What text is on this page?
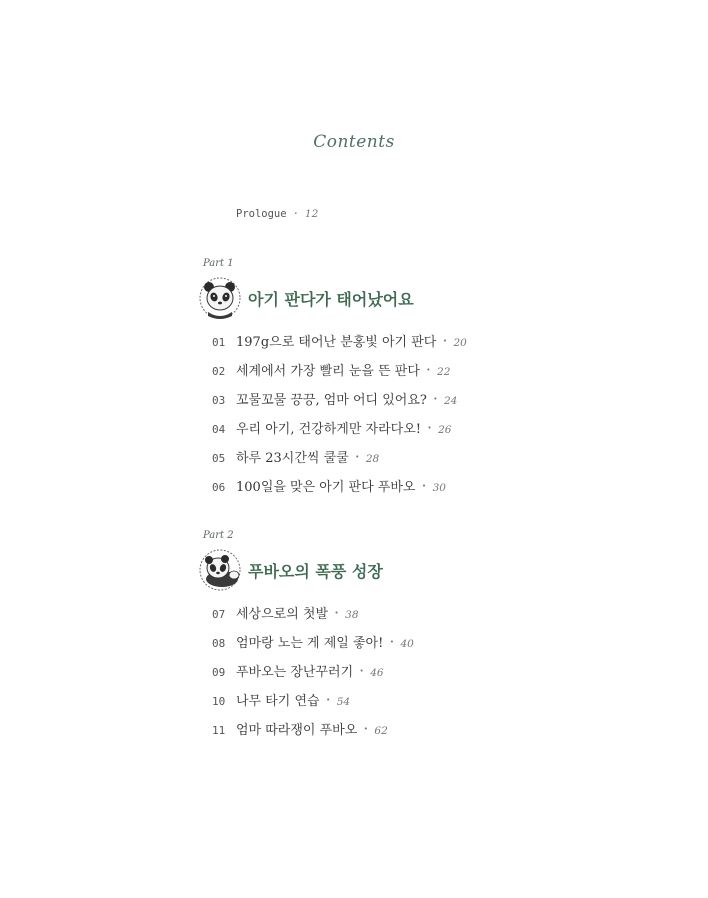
Contents
Prologue · 12
Part 1
아기 판다가 태어났어요
01 197g으로 태어난 분홍빛 아기 판다 · 20
02 세계에서 가장 빨리 눈을 뜬 판다 · 22
03 꼬물꼬물 끙끙, 엄마 어디 있어요? · 24
04 우리 아기, 건강하게만 자라다오! · 26
05 하루 23시간씩 쿨쿨 · 28
06 100일을 맞은 아기 판다 푸바오 · 30
Part 2
푸바오의 폭풍 성장
07 세상으로의 첫발 · 38
08 엄마랑 노는 게 제일 좋아! · 40
09 푸바오는 장난꾸러기 · 46
10 나무 타기 연습 · 54
11 엄마 따라쟁이 푸바오 · 62
